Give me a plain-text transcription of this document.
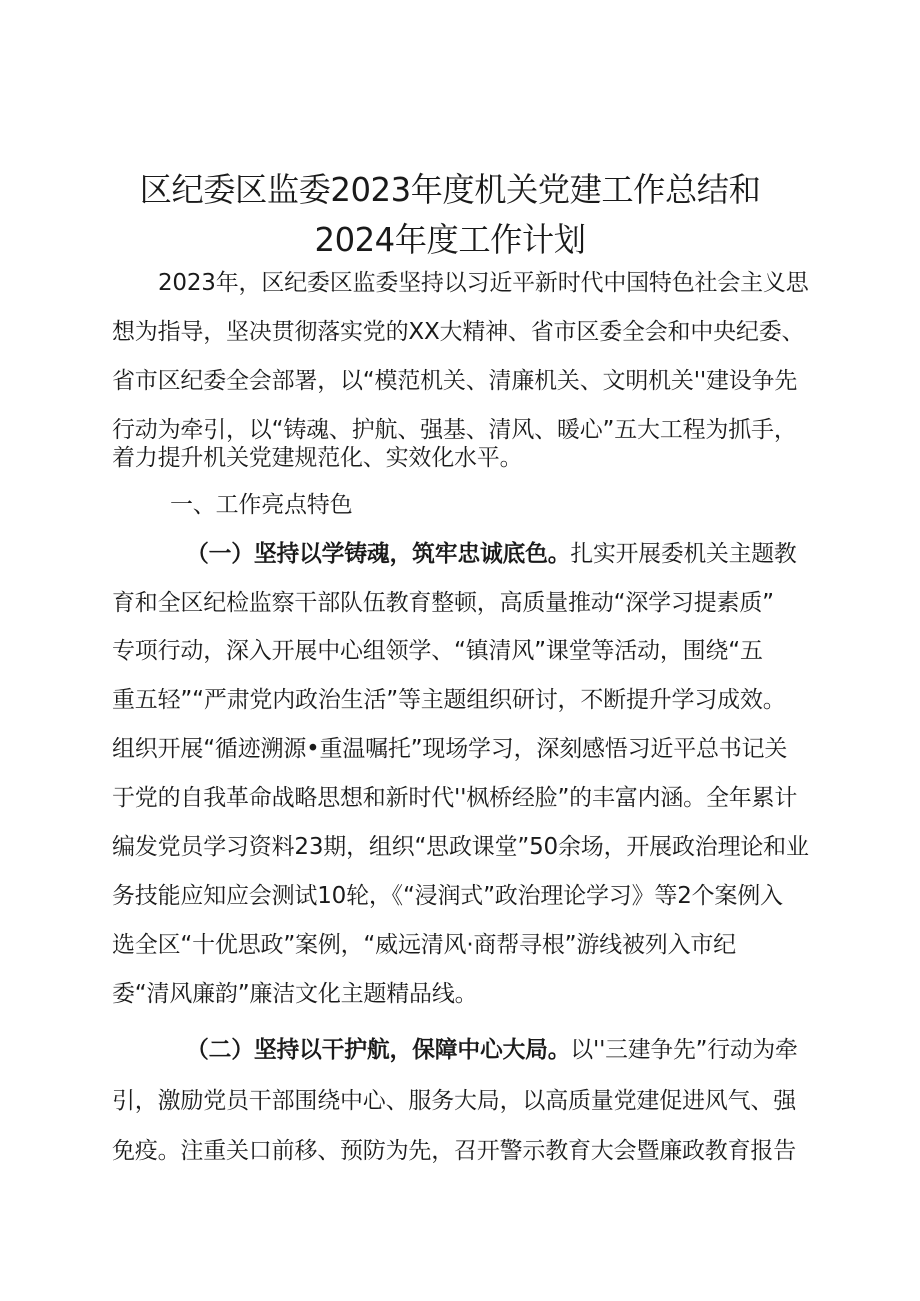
区纪委区监委2023年度机关党建工作总结和
2024年度工作计划
2023年，区纪委区监委坚持以习近平新时代中国特色社会主义思
想为指导，坚决贯彻落实党的XX大精神、省市区委全会和中央纪委、
省市区纪委全会部署，以“模范机关、清廉机关、文明机关''建设争先
行动为牵引，以“铸魂、护航、强基、清风、暖心”五大工程为抓手，
着力提升机关党建规范化、实效化水平。
一、工作亮点特色
（一）坚持以学铸魂，筑牢忠诚底色。扎实开展委机关主题教
育和全区纪检监察干部队伍教育整顿，高质量推动“深学习提素质”
专项行动，深入开展中心组领学、“镇清风”课堂等活动，围绕“五
重五轻”“严肃党内政治生活”等主题组织研讨，不断提升学习成效。
组织开展“循迹溯源•重温嘱托”现场学习，深刻感悟习近平总书记关
于党的自我革命战略思想和新时代''枫桥经脸”的丰富内涵。全年累计
编发党员学习资料23期，组织“思政课堂”50余场，开展政治理论和业
务技能应知应会测试10轮，《“浸润式”政治理论学习》等2个案例入
选全区“十优思政”案例，“威远清风·商帮寻根”游线被列入市纪
委“清风廉韵”廉洁文化主题精品线。
（二）坚持以干护航，保障中心大局。以''三建争先”行动为牵
引，激励党员干部围绕中心、服务大局，以高质量党建促进风气、强
免疫。注重关口前移、预防为先，召开警示教育大会暨廉政教育报告
